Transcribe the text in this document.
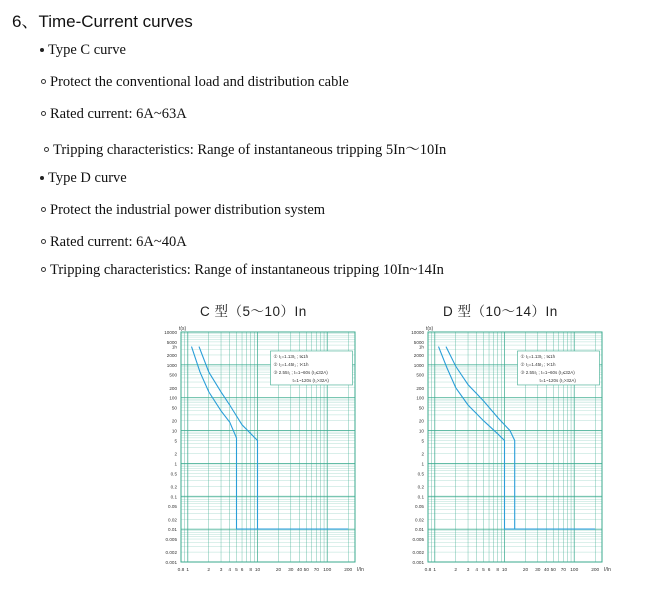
6、Time-Current curves
Type C curve
Protect the conventional load and distribution cable
Rated current: 6A~63A
Tripping characteristics: Range of instantaneous tripping 5In～10In
Type D curve
Protect the industrial power distribution system
Rated current: 6A~40A
Tripping characteristics: Range of instantaneous tripping 10In~14In
C 型（5～10）In	D 型（10～14）In
10000
5000
1h
2000
1000
500
200
100
50
20
10
5
2
1
0.5
0.2
0.1
0.05
0.02
0.01
0.005
0.002
0.001
0.8 1	2 3 4 5 6 8 10	20 30 40 50 70 100	200
t(s)
I/In
① I₁=1.13I₁ ; t≤1h
② I₂=1.45I₁ ; t<1h
③ 2.55I₁ ; t=1~60s (I₁≤32A)
t=1~120s (I₁>32A)
10000
5000
1h
2000
1000
500
200
100
50
20
10
5
2
1
0.5
0.2
0.1
0.05
0.02
0.01
0.005
0.002
0.001
0.8 1	2 3 4 5 6 8 10	20 30 40 50 70 100	200
t(s)
I/In
① I₁=1.13I₁ ; t≤1h
② I₂=1.45I₁ ; t<1h
③ 2.55I₁ ; t=1~60s (I₁≤32A)
t=1~120s (I₁>32A)
